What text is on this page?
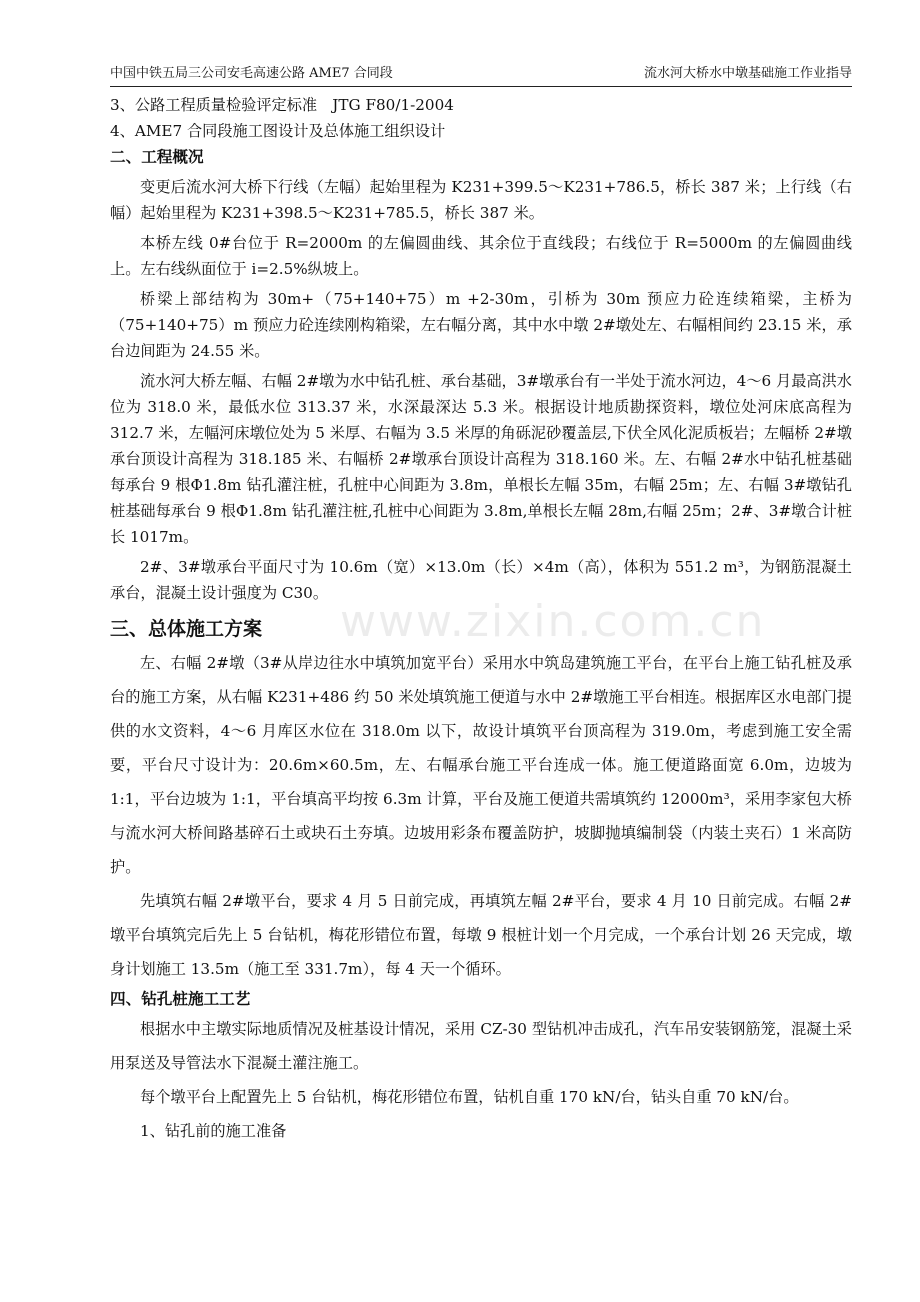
中国中铁五局三公司安毛高速公路 AME7 合同段	流水河大桥水中墩基础施工作业指导
www.zixin.com.cn

3、公路工程质量检验评定标准　JTG F80/1-2004

4、AME7 合同段施工图设计及总体施工组织设计

二、工程概况

变更后流水河大桥下行线（左幅）起始里程为 K231+399.5～K231+786.5，桥长 387 米；上行线（右幅）起始里程为 K231+398.5～K231+785.5，桥长 387 米。

本桥左线 0#台位于 R=2000m 的左偏圆曲线、其余位于直线段；右线位于 R=5000m 的左偏圆曲线上。左右线纵面位于 i=2.5%纵坡上。

桥梁上部结构为 30m+（75+140+75）m +2-30m，引桥为 30m 预应力砼连续箱梁，主桥为（75+140+75）m 预应力砼连续刚构箱梁，左右幅分离，其中水中墩 2#墩处左、右幅相间约 23.15 米，承台边间距为 24.55 米。

流水河大桥左幅、右幅 2#墩为水中钻孔桩、承台基础，3#墩承台有一半处于流水河边，4～6 月最高洪水位为 318.0 米，最低水位 313.37 米，水深最深达 5.3 米。根据设计地质勘探资料，墩位处河床底高程为 312.7 米，左幅河床墩位处为 5 米厚、右幅为 3.5 米厚的角砾泥砂覆盖层,下伏全风化泥质板岩；左幅桥 2#墩承台顶设计高程为 318.185 米、右幅桥 2#墩承台顶设计高程为 318.160 米。左、右幅 2#水中钻孔桩基础每承台 9 根Φ1.8m 钻孔灌注桩，孔桩中心间距为 3.8m，单根长左幅 35m，右幅 25m；左、右幅 3#墩钻孔桩基础每承台 9 根Φ1.8m 钻孔灌注桩,孔桩中心间距为 3.8m,单根长左幅 28m,右幅 25m；2#、3#墩合计桩长 1017m。

2#、3#墩承台平面尺寸为 10.6m（宽）×13.0m（长）×4m（高），体积为 551.2 m³，为钢筋混凝土承台，混凝土设计强度为 C30。

三、总体施工方案

左、右幅 2#墩（3#从岸边往水中填筑加宽平台）采用水中筑岛建筑施工平台，在平台上施工钻孔桩及承台的施工方案，从右幅 K231+486 约 50 米处填筑施工便道与水中 2#墩施工平台相连。根据库区水电部门提供的水文资料，4～6 月库区水位在 318.0m 以下，故设计填筑平台顶高程为 319.0m，考虑到施工安全需要，平台尺寸设计为：20.6m×60.5m，左、右幅承台施工平台连成一体。施工便道路面宽 6.0m，边坡为 1:1，平台边坡为 1:1，平台填高平均按 6.3m 计算，平台及施工便道共需填筑约 12000m³，采用李家包大桥与流水河大桥间路基碎石土或块石土夯填。边坡用彩条布覆盖防护，坡脚抛填编制袋（内装土夹石）1 米高防护。

先填筑右幅 2#墩平台，要求 4 月 5 日前完成，再填筑左幅 2#平台，要求 4 月 10 日前完成。右幅 2#墩平台填筑完后先上 5 台钻机，梅花形错位布置，每墩 9 根桩计划一个月完成，一个承台计划 26 天完成，墩身计划施工 13.5m（施工至 331.7m），每 4 天一个循环。

四、钻孔桩施工工艺

根据水中主墩实际地质情况及桩基设计情况，采用 CZ-30 型钻机冲击成孔，汽车吊安装钢筋笼，混凝土采用泵送及导管法水下混凝土灌注施工。

每个墩平台上配置先上 5 台钻机，梅花形错位布置，钻机自重 170 kN/台，钻头自重 70 kN/台。

1、钻孔前的施工准备
